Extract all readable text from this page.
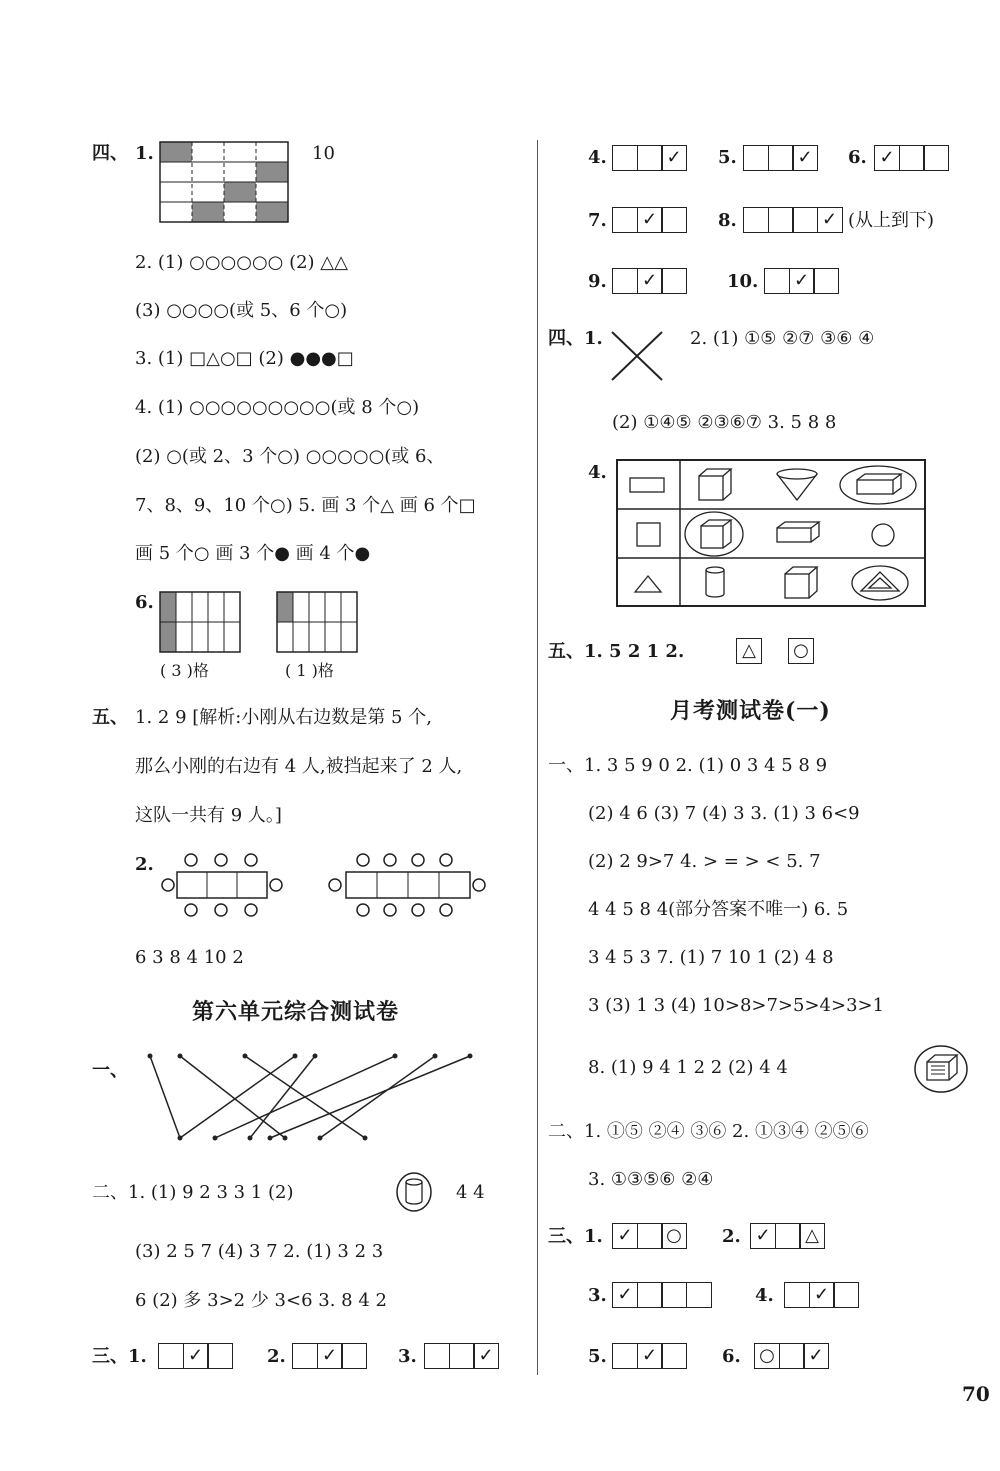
四、 1.	10
2. (1) ○○○○○○ (2) △△
(3) ○○○○(或 5、6 个○)
3. (1) □△○□ (2) ●●●□
4. (1) ○○○○○○○○○(或 8 个○)
(2) ○(或 2、3 个○) ○○○○○(或 6、
7、8、9、10 个○) 5. 画 3 个△ 画 6 个□
画 5 个○ 画 3 个● 画 4 个●
6.
( 3 )格	( 1 )格
五、 1. 2 9 [解析:小刚从右边数是第 5 个,
那么小刚的右边有 4 人,被挡起来了 2 人,
这队一共有 9 人。]
2.
6 3 8 4 10 2
第六单元综合测试卷
一、
二、1. (1) 9 2 3 3 1 (2)	4 4
(3) 2 5 7 (4) 3 7 2. (1) 3 2 3
6 (2) 多 3>2 少 3<6 3. 8 4 2
三、1.	✓	2.	✓	3.	✓
4.	✓ 5.	✓ 6. ✓
7.	✓	8.	✓ (从上到下)
9.	✓	10.	✓
四、1.	2. (1) ①⑤ ②⑦ ③⑥ ④
(2) ①④⑤ ②③⑥⑦ 3. 5 8 8
4.
五、1. 5 2 1 2.	△ ○
月考测试卷(一)
一、1. 3 5 9 0 2. (1) 0 3 4 5 8 9
(2) 4 6 (3) 7 (4) 3 3. (1) 3 6<9
(2) 2 9>7 4. > = > < 5. 7
4 4 5 8 4(部分答案不唯一) 6. 5
3 4 5 3 7. (1) 7 10 1 (2) 4 8
3 (3) 1 3 (4) 10>8>7>5>4>3>1
8. (1) 9 4 1 2 2 (2) 4 4
二、1. ①⑤ ②④ ③⑥ 2. ①③④ ②⑤⑥
3. ①③⑤⑥ ②④
三、1. ✓ ○ 2. ✓ △
3. ✓	4.	✓
5.	✓	6. ○ ✓
70
